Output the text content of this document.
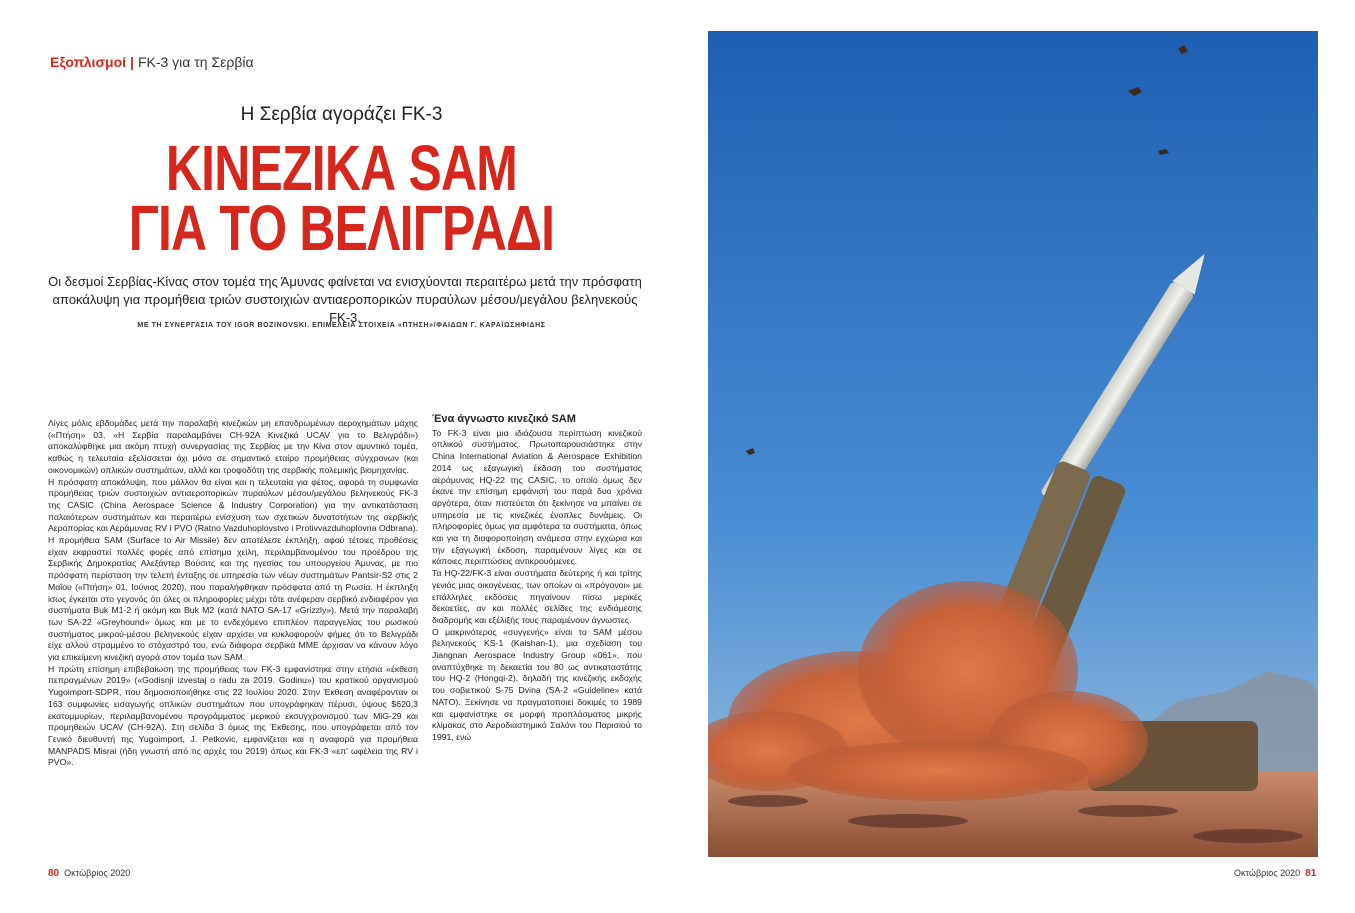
Εξοπλισμοί | FK-3 για τη Σερβία
Η Σερβία αγοράζει FK-3
ΚΙΝΕΖΙΚΑ SAM
ΓΙΑ ΤΟ ΒΕΛΙΓΡΑΔΙ
Οι δεσμοί Σερβίας-Κίνας στον τομέα της Άμυνας φαίνεται να ενισχύονται περαιτέρω μετά την πρόσφατη αποκάλυψη για προμήθεια τριών συστοιχιών αντιαεροπορικών πυραύλων μέσου/μεγάλου βεληνεκούς FK-3.
ΜΕ ΤΗ ΣΥΝΕΡΓΑΣΙΑ ΤΟΥ IGOR BOZINOVSKI. ΕΠΙΜΕΛΕΙΑ ΣΤΟΙΧΕΙΑ «ΠΤΗΣΗ»/ΦΑΙΔΩΝ Γ. ΚΑΡΑΪΩΣΗΦΙΔΗΣ

Λίγες μόλις εβδομάδες μετά την παραλαβή κινεζικών μη επανδρωμένων αεροχημάτων μάχης («Πτήση» 03, «Η Σερβία παραλαμβάνει CH-92A Κινεζικά UCAV για το Βελιγράδι») αποκαλύφθηκε μια ακόμη πτυχή συνεργασίας της Σερβίας με την Κίνα στον αμυντικό τομέα, καθώς η τελευταία εξελίσσεται όχι μόνο σε σημαντικό εταίρο προμήθειας σύγχρονων (και οικονομικών) οπλικών συστημάτων, αλλά και τροφοδότη της σερβικής πολεμικής βιομηχανίας.

Η πρόσφατη αποκάλυψη, που μάλλον θα είναι και η τελευταία για φέτος, αφορά τη συμφωνία προμήθειας τριών συστοιχιών αντιαεροπορικών πυραύλων μέσου/μεγάλου βεληνεκούς FK-3 της CASIC (China Aerospace Science & Industry Corporation) για την αντικατάσταση παλαιότερων συστημάτων και περαιτέρω ενίσχυση των σχετικών δυνατοτήτων της σερβικής Αεροπορίας και Αεράμυνας RV i PVO (Ratno Vazduhoplovstvo i Protivvazduhoplovna Odbrana). Η προμήθεια SAM (Surface to Air Missile) δεν αποτέλεσε έκπληξη, αφού τέτοιες προθέσεις είχαν εκφραστεί πολλές φορές από επίσημα χείλη, περιλαμβανομένου του προέδρου της Σερβικής Δημοκρατίας Αλεξάντερ Βούσιτς και της ηγεσίας του υπουργείου Άμυνας, με πιο πρόσφατη περίσταση την τελετή ένταξης σε υπηρεσία των νέων συστημάτων Pantsir-S2 στις 2 Μαΐου («Πτήση» 01, Ιούνιος 2020), που παραλήφθηκαν πρόσφατα από τη Ρωσία. Η έκπληξη ίσως έγκειται στο γεγονός ότι όλες οι πληροφορίες μέχρι τότε ανέφεραν σερβικό ενδιαφέρον για συστήματα Buk M1-2 ή ακόμη και Buk M2 (κατά ΝΑΤΟ SA-17 «Grizzly»). Μετά την παραλαβή των SA-22 «Greyhound» όμως και με το ενδεχόμενο επιπλέον παραγγελίας του ρωσικού συστήματος μικρού-μέσου βεληνεκούς είχαν αρχίσει να κυκλοφορούν φήμες ότι το Βελιγράδι είχε αλλού στραμμένο το στόχαστρό του, ενώ διάφορα σερβικά ΜΜΕ άρχισαν να κάνουν λόγο για επικείμενη κινεζική αγορά στον τομέα των SAM.

Η πρώτη επίσημη επιβεβαίωση της προμήθειας των FK-3 εμφανίστηκε στην ετήσια «έκθεση πεπραγμένων 2019» («Godisnji izvestaj o radu za 2019. Godinu») του κρατικού οργανισμού Yugoimport-SDPR, που δημοσιοποιήθηκε στις 22 Ιουλίου 2020. Στην Έκθεση αναφέρονταν οι 163 συμφωνίες εισαγωγής οπλικών συστημάτων που υπογράφηκαν πέρυσι, ύψους $620,3 εκατομμυρίων, περιλαμβανομένου προγράμματος μερικού εκσυγχρονισμού των MiG-29 και προμηθειών UCAV (CH-92A). Στη σελίδα 3 όμως της Έκθεσης, που υπογράφεται από τον Γενικό διευθυντή της Yugoimport, J. Petkovic, εμφανίζεται και η αναφορά για προμήθεια MANPADS Misrai (ήδη γνωστή από τις αρχές του 2019) όπως και FK-3 «επ' ωφέλεια της RV i PVO».

Ένα άγνωστο κινεζικό SAM

Το FK-3 είναι μια ιδιάζουσα περίπτωση κινεζικού οπλικού συστήματος. Πρωτοπαρουσιάστηκε στην China International Aviation & Aerospace Exhibition 2014 ως εξαγωγική έκδοση του συστήματος αεράμυνας HQ-22 της CASIC, το οποίο όμως δεν έκανε την επίσημη εμφάνισή του παρά δυο χρόνια αργότερα, όταν πιστεύεται ότι ξεκίνησε να μπαίνει σε υπηρεσία με τις κινεζικές ένοπλες δυνάμεις. Οι πληροφορίες όμως για αμφότερα τα συστήματα, όπως και για τη διαφοροποίηση ανάμεσα στην εγχώρια και την εξαγωγική έκδοση, παραμένουν λίγες και σε κάποιες περιπτώσεις αντικρουόμενες.

Τα HQ-22/FK-3 είναι συστήματα δεύτερης ή και τρίτης γενιάς μιας οικογένειας, των οποίων οι «πρόγονοι» με επάλληλες εκδόσεις πηγαίνουν πίσω μερικές δεκαετίες, αν και πολλές σελίδες της ενδιάμεσης διαδρομής και εξέλιξής τους παραμένουν άγνωστες.

Ο μακρινότερος «συγγενής» είναι το SAM μέσου βεληνεκούς KS-1 (Kaishan-1), μια σχεδίαση του Jiangnan Aerospace Industry Group «061», που αναπτύχθηκε τη δεκαετία του 80 ως αντικαταστάτης του HQ-2 (Hongqi-2), δηλαδή της κινεζικής εκδοχής του σοβιετικού S-75 Dvina (SA-2 «Guideline» κατά ΝΑΤΟ). Ξεκίνησε να πραγματοποιεί δοκιμές το 1989 και εμφανίστηκε σε μορφή προπλάσματος μικρής κλίμακας στο Αεροδιαστημικό Σαλόνι του Παρισιού το 1991, ενώ

80 Οκτώβριος 2020	Οκτώβριος 2020 81
